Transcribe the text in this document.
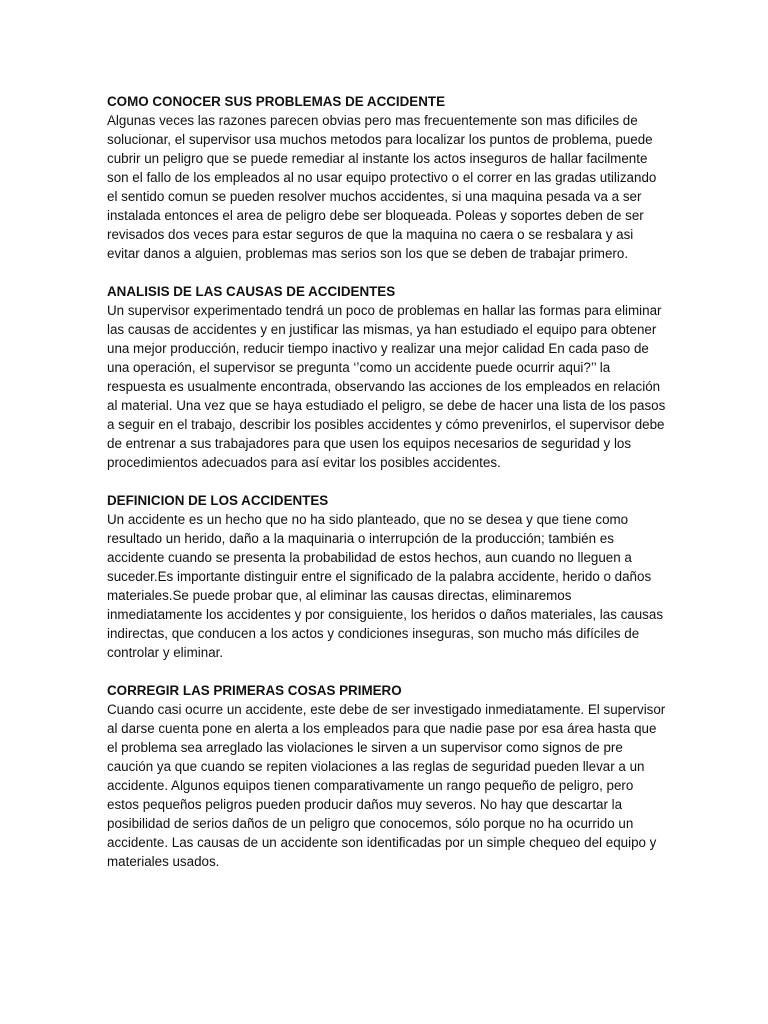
COMO CONOCER SUS PROBLEMAS DE ACCIDENTE

Algunas veces las razones parecen obvias pero mas frecuentemente son mas dificiles de solucionar, el supervisor usa muchos metodos para localizar los puntos de problema, puede cubrir un peligro que se puede remediar al instante los actos inseguros de hallar facilmente son el fallo de los empleados al no usar equipo protectivo o el correr en las gradas utilizando el sentido comun se pueden resolver muchos accidentes, si una maquina pesada va a ser instalada entonces el area de peligro debe ser bloqueada. Poleas y soportes deben de ser revisados dos veces para estar seguros de que la maquina no caera o se resbalara y asi evitar danos a alguien, problemas mas serios son los que se deben de trabajar primero.

ANALISIS DE LAS CAUSAS DE ACCIDENTES

Un supervisor experimentado tendrá un poco de problemas en hallar las formas para eliminar las causas de accidentes y en justificar las mismas, ya han estudiado el equipo para obtener una mejor producción, reducir tiempo inactivo y realizar una mejor calidad En cada paso de una operación, el supervisor se pregunta ‘’como un accidente puede ocurrir aqui?’’ la respuesta es usualmente encontrada, observando las acciones de los empleados en relación al material. Una vez que se haya estudiado el peligro, se debe de hacer una lista de los pasos a seguir en el trabajo, describir los posibles accidentes y cómo prevenirlos, el supervisor debe de entrenar a sus trabajadores para que usen los equipos necesarios de seguridad y los procedimientos adecuados para así evitar los posibles accidentes.

DEFINICION DE LOS ACCIDENTES

Un accidente es un hecho que no ha sido planteado, que no se desea y que tiene como resultado un herido, daño a la maquinaria o interrupción de la producción; también es accidente cuando se presenta la probabilidad de estos hechos, aun cuando no lleguen a suceder.Es importante distinguir entre el significado de la palabra accidente, herido o daños materiales.Se puede probar que, al eliminar las causas directas, eliminaremos inmediatamente los accidentes y por consiguiente, los heridos o daños materiales, las causas indirectas, que conducen a los actos y condiciones inseguras, son mucho más difíciles de controlar y eliminar.

CORREGIR LAS PRIMERAS COSAS PRIMERO

Cuando casi ocurre un accidente, este debe de ser investigado inmediatamente. El supervisor al darse cuenta pone en alerta a los empleados para que nadie pase por esa área hasta que el problema sea arreglado las violaciones le sirven a un supervisor como signos de pre caución ya que cuando se repiten violaciones a las reglas de seguridad pueden llevar a un accidente. Algunos equipos tienen comparativamente un rango pequeño de peligro, pero estos pequeños peligros pueden producir daños muy severos. No hay que descartar la posibilidad de serios daños de un peligro que conocemos, sólo porque no ha ocurrido un accidente. Las causas de un accidente son identificadas por un simple chequeo del equipo y materiales usados.
